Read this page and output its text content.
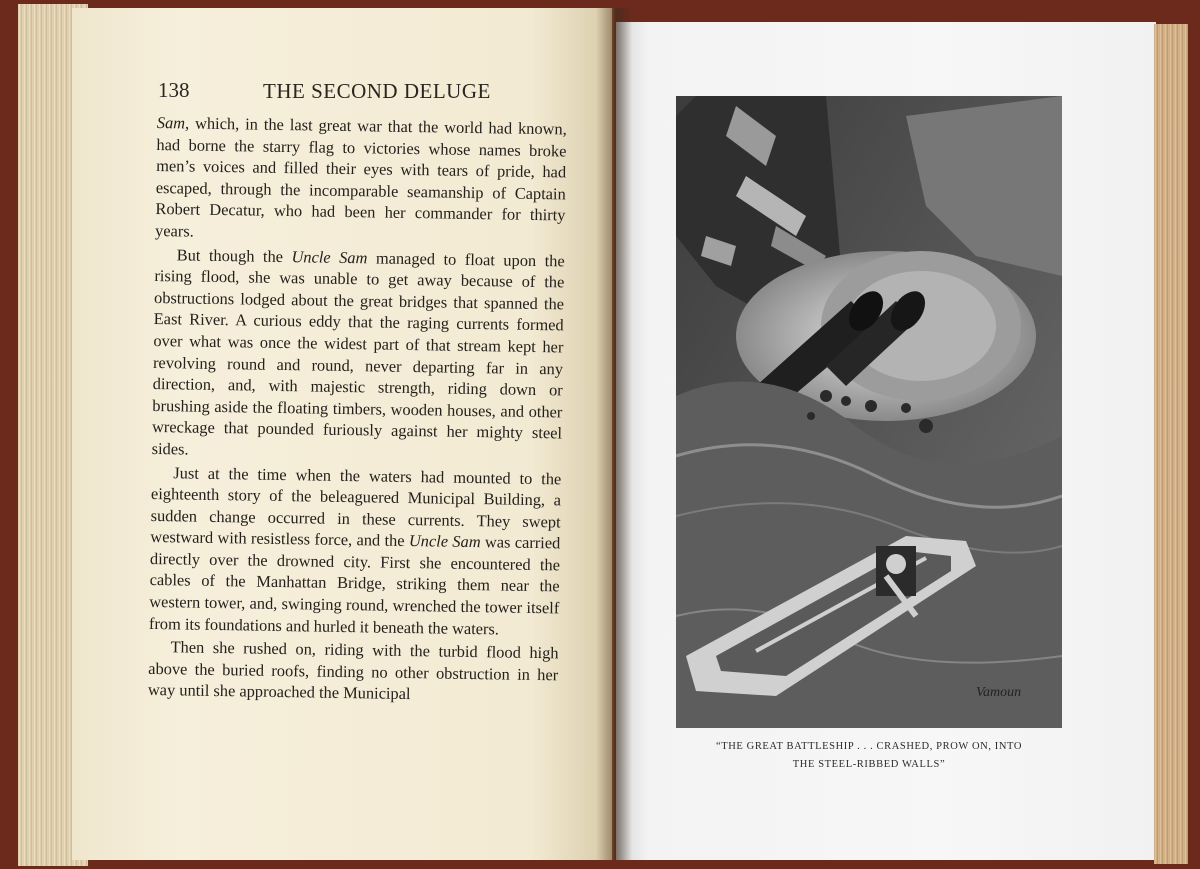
138	THE SECOND DELUGE

Sam, which, in the last great war that the world had known, had borne the starry flag to victories whose names broke men’s voices and filled their eyes with tears of pride, had escaped, through the incomparable seamanship of Captain Robert Decatur, who had been her commander for thirty years.

But though the Uncle Sam managed to float upon the rising flood, she was unable to get away because of the obstructions lodged about the great bridges that spanned the East River. A curious eddy that the raging currents formed over what was once the widest part of that stream kept her revolving round and round, never departing far in any direction, and, with majestic strength, riding down or brushing aside the floating timbers, wooden houses, and other wreckage that pounded furiously against her mighty steel sides.

Just at the time when the waters had mounted to the eighteenth story of the beleaguered Municipal Building, a sudden change occurred in these currents. They swept westward with resistless force, and the Uncle Sam was carried directly over the drowned city. First she encountered the cables of the Manhattan Bridge, striking them near the western tower, and, swinging round, wrenched the tower itself from its foundations and hurled it beneath the waters.

Then she rushed on, riding with the turbid flood high above the buried roofs, finding no other obstruction in her way until she approached the Municipal	Vamoun
“THE GREAT BATTLESHIP . . . CRASHED, PROW ON, INTO
THE STEEL-RIBBED WALLS”
